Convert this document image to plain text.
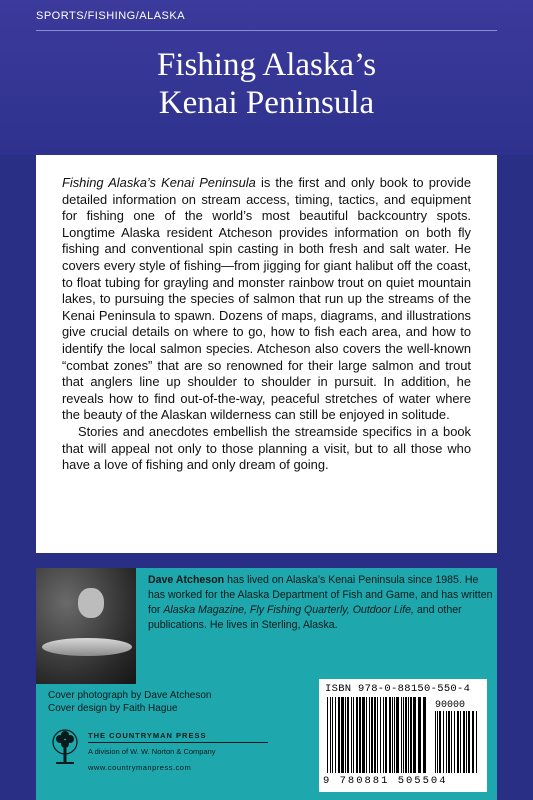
SPORTS/FISHING/ALASKA
Fishing Alaska’s
Kenai Peninsula

Fishing Alaska’s Kenai Peninsula is the first and only book to provide detailed information on stream access, timing, tactics, and equipment for fishing one of the world’s most beautiful backcountry spots. Longtime Alaska resident Atcheson provides information on both fly fishing and conventional spin casting in both fresh and salt water. He covers every style of fishing—from jigging for giant halibut off the coast, to float tubing for grayling and monster rainbow trout on quiet mountain lakes, to pursuing the species of salmon that run up the streams of the Kenai Peninsula to spawn. Dozens of maps, diagrams, and illustrations give crucial details on where to go, how to fish each area, and how to identify the local salmon species. Atcheson also covers the well-known “combat zones” that are so renowned for their large salmon and trout that anglers line up shoulder to shoulder in pursuit. In addition, he reveals how to find out-of-the-way, peaceful stretches of water where the beauty of the Alaskan wilderness can still be enjoyed in solitude.

Stories and anecdotes embellish the streamside specifics in a book that will appeal not only to those planning a visit, but to all those who have a love of fishing and only dream of going.

Dave Atcheson has lived on Alaska’s Kenai Peninsula since 1985. He has worked for the Alaska Department of Fish and Game, and has written for Alaska Magazine, Fly Fishing Quarterly, Outdoor Life, and other publications. He lives in Sterling, Alaska.
Cover photograph by Dave Atcheson
Cover design by Faith Hague
THE COUNTRYMAN PRESS
A division of W. W. Norton & Company
www.countrymanpress.com
ISBN 978-0-88150-550-4
90000
9 780881 505504
